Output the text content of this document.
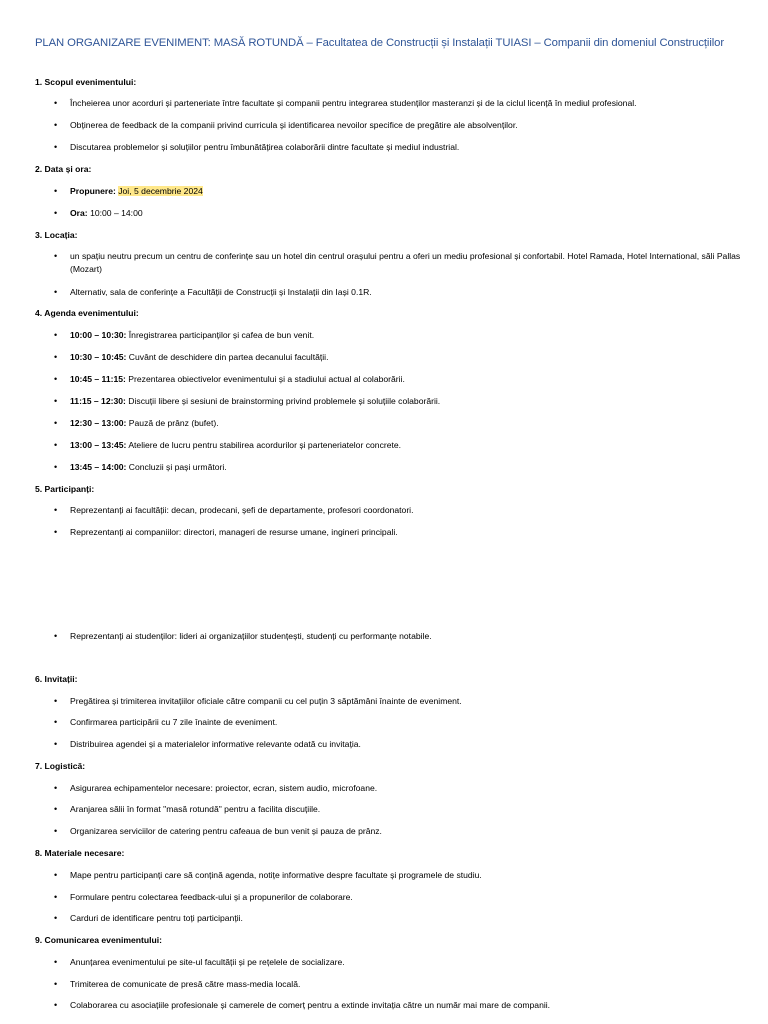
PLAN ORGANIZARE EVENIMENT: MASĂ ROTUNDĂ – Facultatea de Construcții și Instalații TUIASI – Companii din domeniul Construcțiilor
1. Scopul evenimentului:
•	Încheierea unor acorduri și parteneriate între facultate și companii pentru integrarea studenților masteranzi și de la ciclul licență în mediul profesional.
•	Obținerea de feedback de la companii privind curricula și identificarea nevoilor specifice de pregătire ale absolvenților.
•	Discutarea problemelor și soluțiilor pentru îmbunătățirea colaborării dintre facultate și mediul industrial.
2. Data și ora:
•	Propunere: Joi, 5 decembrie 2024
•	Ora: 10:00 – 14:00
3. Locația:
•	un spațiu neutru precum un centru de conferințe sau un hotel din centrul orașului pentru a oferi un mediu profesional și confortabil. Hotel Ramada, Hotel International, săli Pallas (Mozart)
•	Alternativ, sala de conferințe a Facultății de Construcții și Instalații din Iași 0.1R.
4. Agenda evenimentului:
•	10:00 – 10:30: Înregistrarea participanților și cafea de bun venit.
•	10:30 – 10:45: Cuvânt de deschidere din partea decanului facultății.
•	10:45 – 11:15: Prezentarea obiectivelor evenimentului și a stadiului actual al colaborării.
•	11:15 – 12:30: Discuții libere și sesiuni de brainstorming privind problemele și soluțiile colaborării.
•	12:30 – 13:00: Pauză de prânz (bufet).
•	13:00 – 13:45: Ateliere de lucru pentru stabilirea acordurilor și parteneriatelor concrete.
•	13:45 – 14:00: Concluzii și pași următori.
5. Participanți:
•	Reprezentanți ai facultății: decan, prodecani, șefi de departamente, profesori coordonatori.
•	Reprezentanți ai companiilor: directori, manageri de resurse umane, ingineri principali.
•	Reprezentanți ai studenților: lideri ai organizațiilor studențești, studenți cu performanțe notabile.
6. Invitații:
•	Pregătirea și trimiterea invitațiilor oficiale către companii cu cel puțin 3 săptămâni înainte de eveniment.
•	Confirmarea participării cu 7 zile înainte de eveniment.
•	Distribuirea agendei și a materialelor informative relevante odată cu invitația.
7. Logistică:
•	Asigurarea echipamentelor necesare: proiector, ecran, sistem audio, microfoane.
•	Aranjarea sălii în format "masă rotundă" pentru a facilita discuțiile.
•	Organizarea serviciilor de catering pentru cafeaua de bun venit și pauza de prânz.
8. Materiale necesare:
•	Mape pentru participanți care să conțină agenda, notițe informative despre facultate și programele de studiu.
•	Formulare pentru colectarea feedback-ului și a propunerilor de colaborare.
•	Carduri de identificare pentru toți participanții.
9. Comunicarea evenimentului:
•	Anunțarea evenimentului pe site-ul facultății și pe rețelele de socializare.
•	Trimiterea de comunicate de presă către mass-media locală.
•	Colaborarea cu asociațiile profesionale și camerele de comerț pentru a extinde invitația către un număr mai mare de companii.
